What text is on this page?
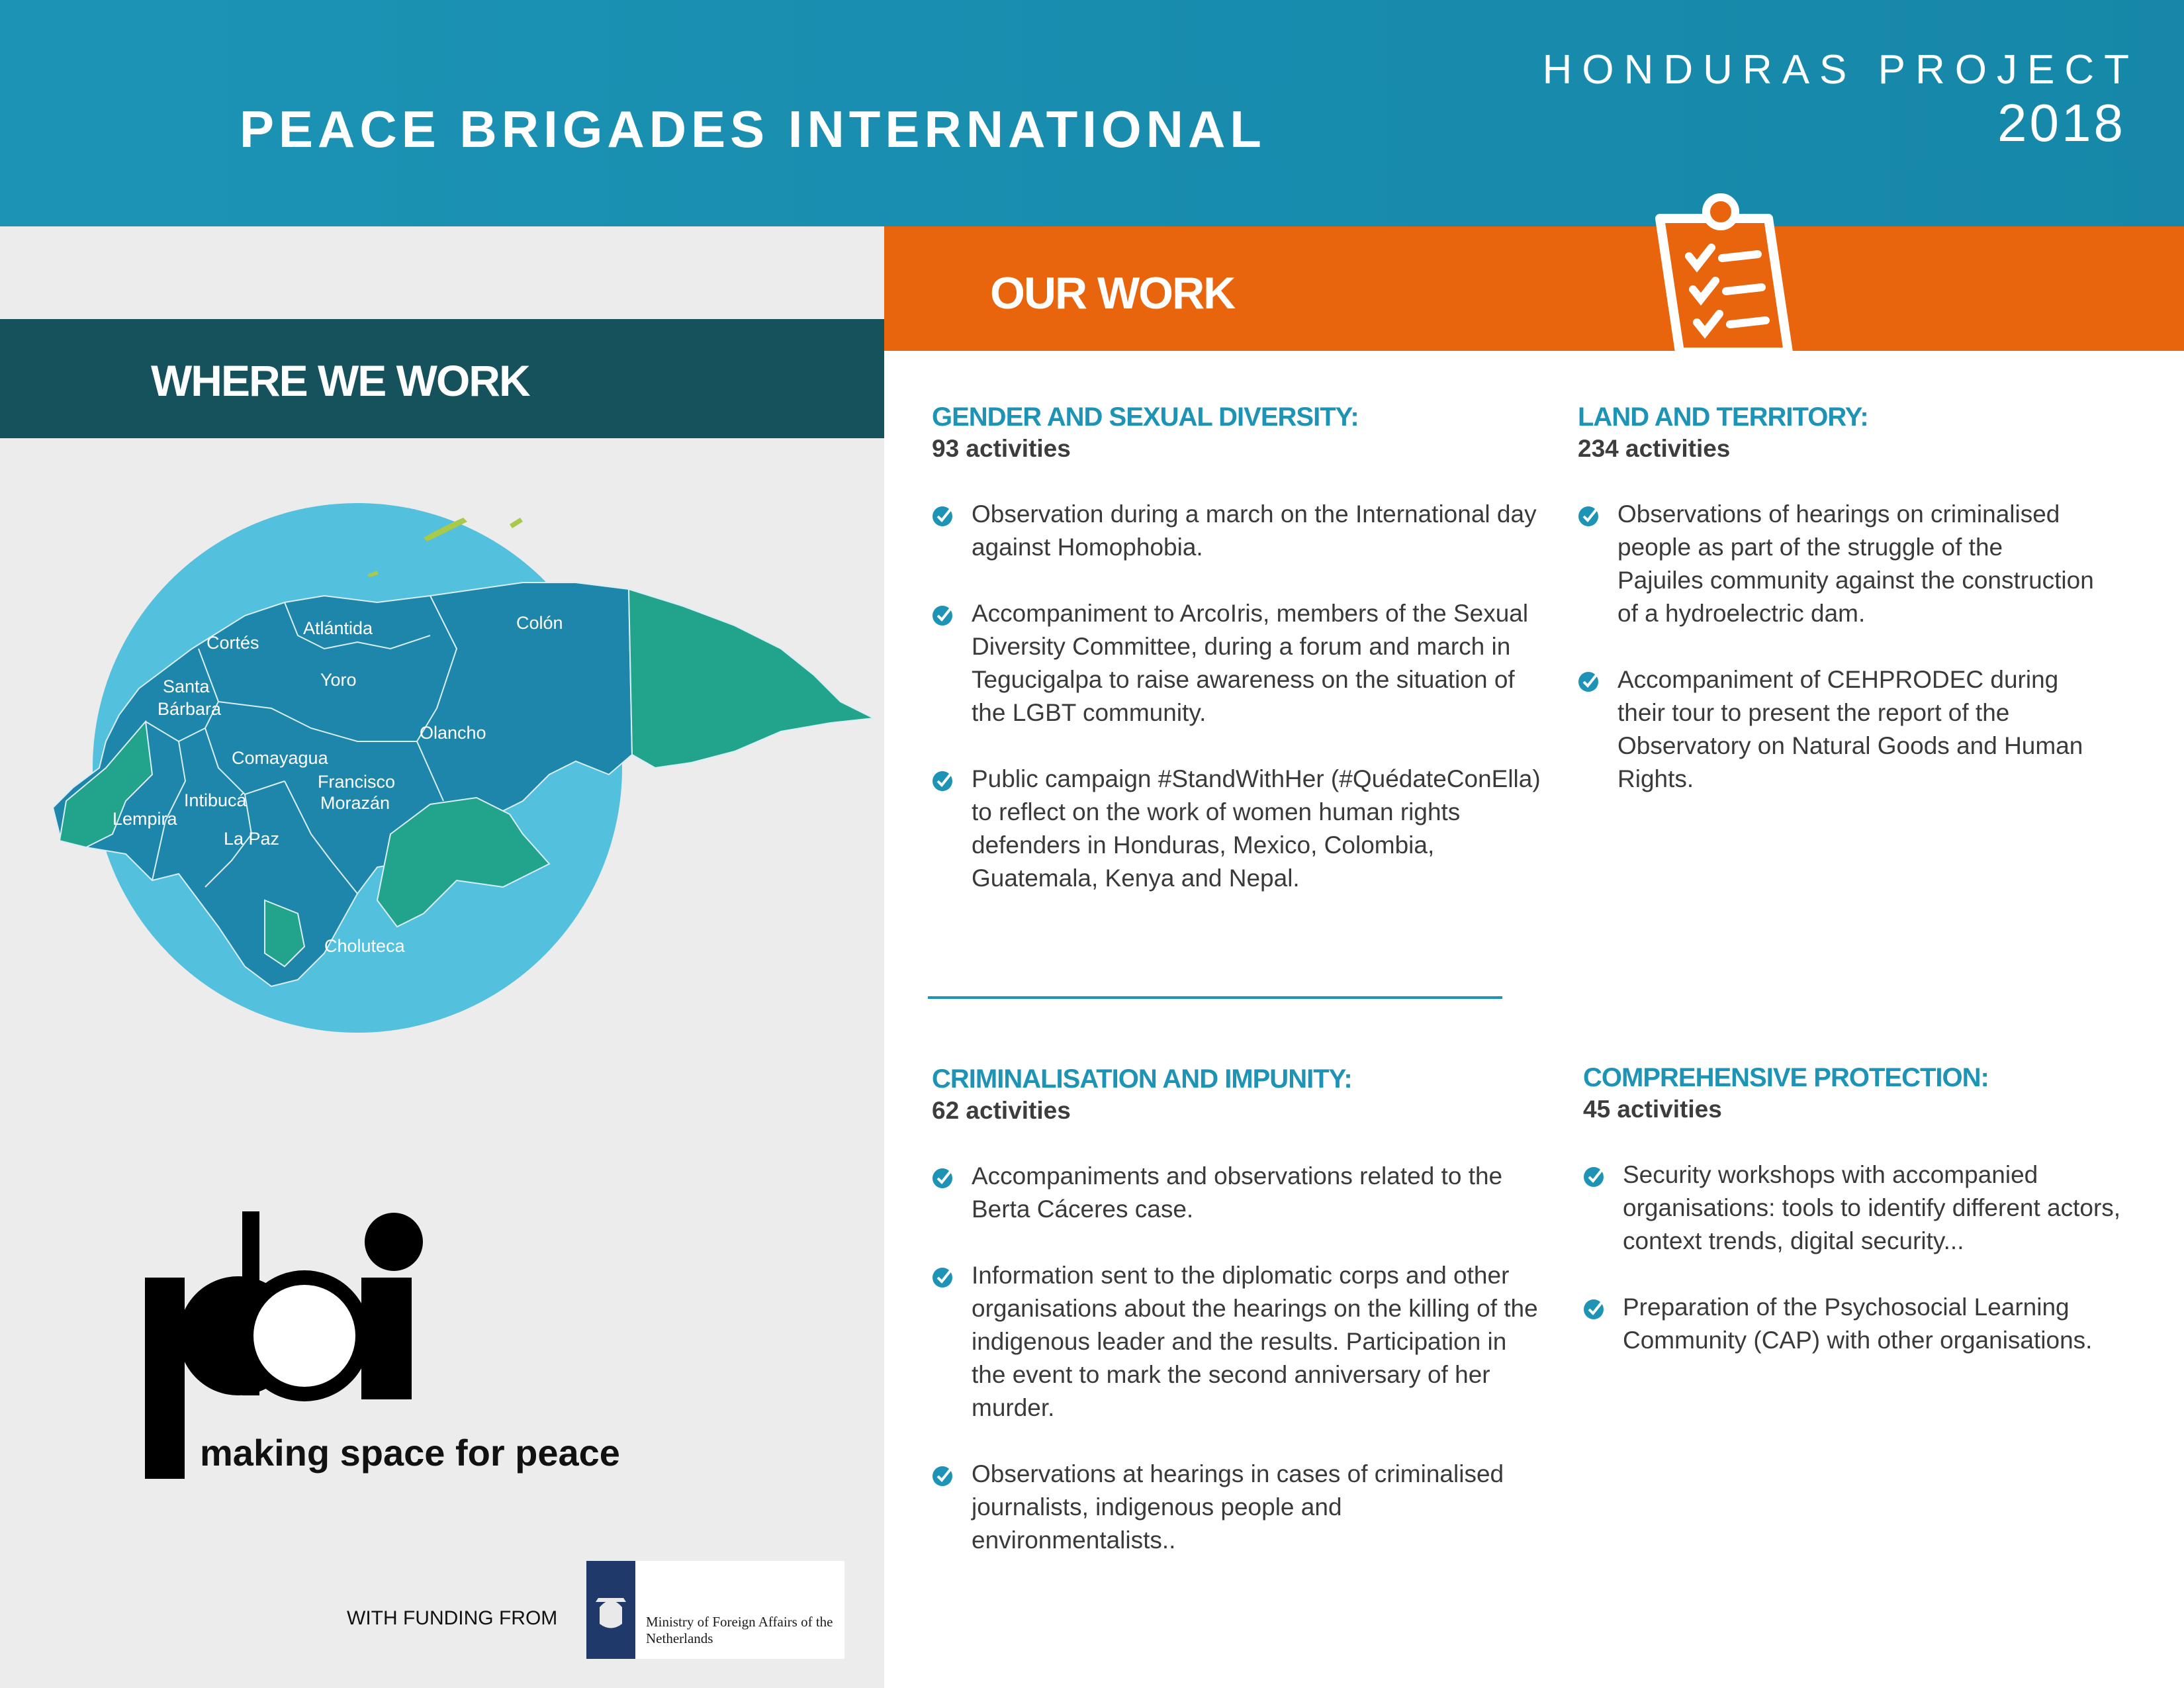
PEACE BRIGADES INTERNATIONAL
HONDURAS PROJECT
2018
WHERE WE WORK
Atlántida	Colón
Cortés
Yoro
Santa
Bárbara
Olancho
Comayagua
Francisco
Morazán
Intibucá
Lempira
La Paz
Choluteca
pbi
making space for peace
WITH FUNDING FROM	Ministry of Foreign Affairs of the Netherlands
OUR WORK
GENDER AND SEXUAL DIVERSITY:
93 activities
Observation during a march on the International day against Homophobia.
Accompaniment to ArcoIris, members of the Sexual Diversity Committee, during a forum and march in Tegucigalpa to raise awareness on the situation of the LGBT community.
Public campaign #StandWithHer (#QuédateConElla) to reflect on the work of women human rights defenders in Honduras, Mexico, Colombia, Guatemala, Kenya and Nepal.
LAND AND TERRITORY:
234 activities
Observations of hearings on criminalised people as part of the struggle of the Pajuiles community against the construction of a hydroelectric dam.
Accompaniment of CEHPRODEC during their tour to present the report of the Observatory on Natural Goods and Human Rights.
CRIMINALISATION AND IMPUNITY:
62 activities
Accompaniments and observations related to the Berta Cáceres case.
Information sent to the diplomatic corps and other organisations about the hearings on the killing of the indigenous leader and the results. Participation in the event to mark the second anniversary of her murder.
Observations at hearings in cases of criminalised journalists, indigenous people and environmentalists..
COMPREHENSIVE PROTECTION:
45 activities
Security workshops with accompanied organisations: tools to identify different actors, context trends, digital security...
Preparation of the Psychosocial Learning Community (CAP) with other organisations.
